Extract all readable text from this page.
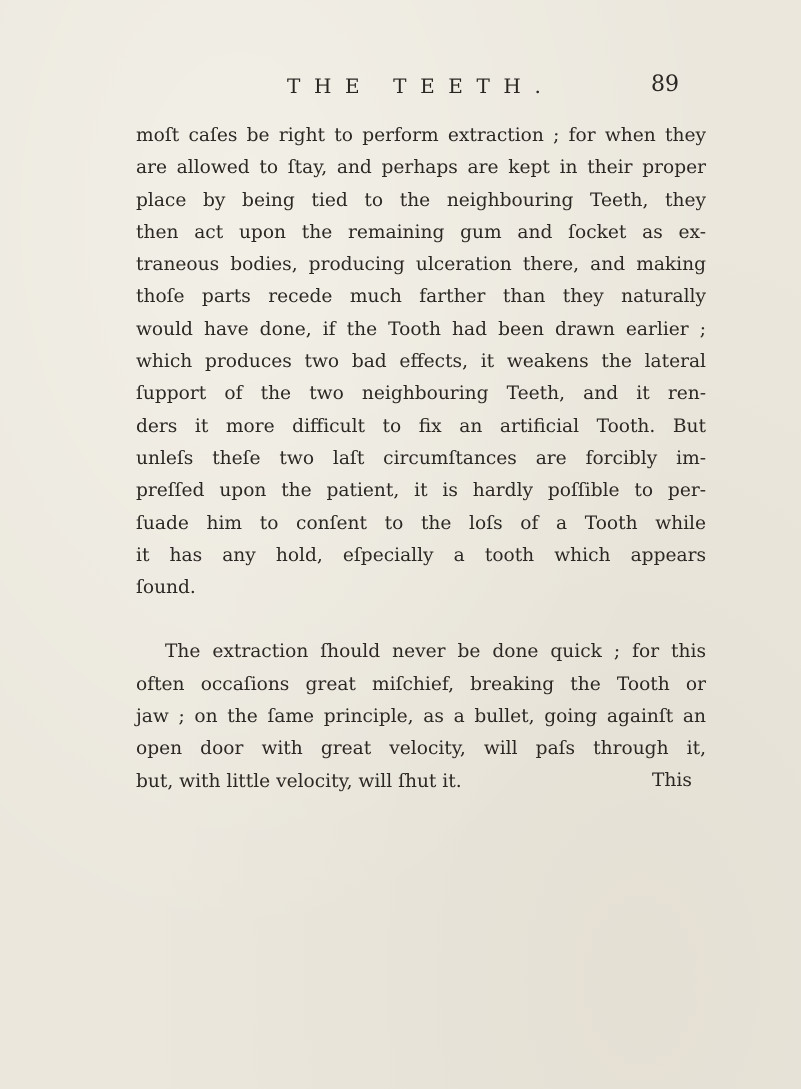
THE TEETH.	89
moſt caſes be right to perform extraction ; for when they
are allowed to ſtay, and perhaps are kept in their proper
place by being tied to the neighbouring Teeth, they
then act upon the remaining gum and ſocket as ex-
traneous bodies, producing ulceration there, and making
thoſe parts recede much farther than they naturally
would have done, if the Tooth had been drawn earlier ;
which produces two bad effects, it weakens the lateral
ſupport of the two neighbouring Teeth, and it ren-
ders it more difficult to fix an artificial Tooth. But
unleſs theſe two laſt circumſtances are forcibly im-
preſſed upon the patient, it is hardly poſſible to per-
ſuade him to conſent to the loſs of a Tooth while
it has any hold, eſpecially a tooth which appears
ſound.
The extraction ſhould never be done quick ; for this
often occaſions great miſchief, breaking the Tooth or
jaw ; on the ſame principle, as a bullet, going againſt an
open door with great velocity, will paſs through it,
but, with little velocity, will ſhut it.	This
